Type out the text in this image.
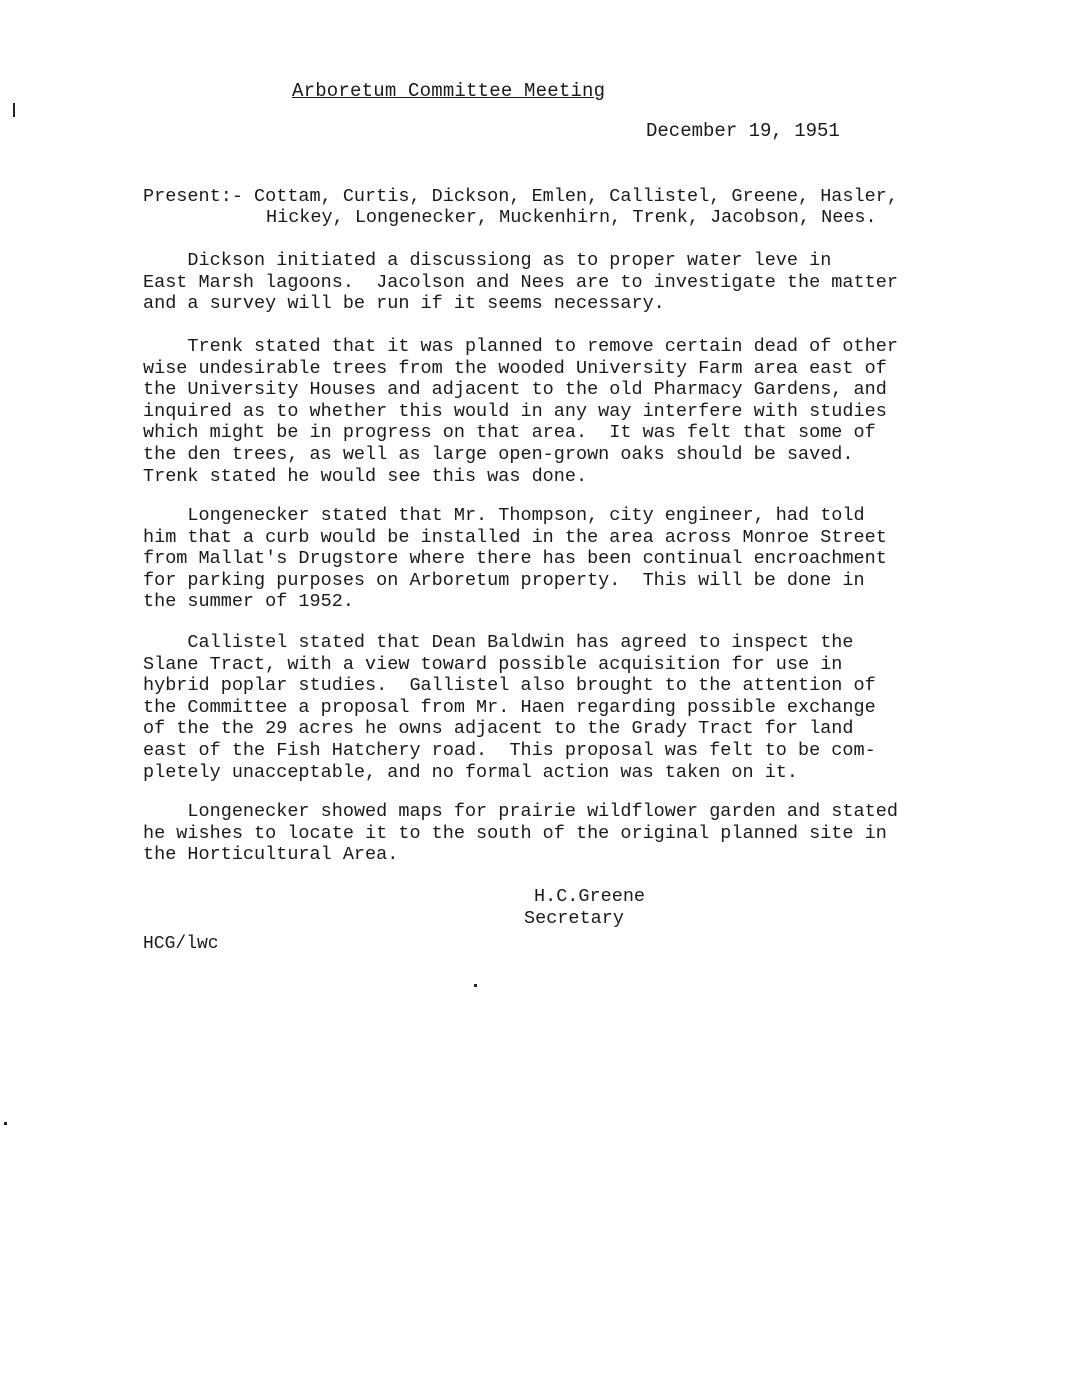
Arboretum Committee Meeting
December 19, 1951
Present:- Cottam, Curtis, Dickson, Emlen, Callistel, Greene, Hasler,
Hickey, Longenecker, Muckenhirn, Trenk, Jacobson, Nees.

Dickson initiated a discussiong as to proper water leve in
East Marsh lagoons.  Jacolson and Nees are to investigate the matter
and a survey will be run if it seems necessary.

Trenk stated that it was planned to remove certain dead of other
wise undesirable trees from the wooded University Farm area east of
the University Houses and adjacent to the old Pharmacy Gardens, and
inquired as to whether this would in any way interfere with studies
which might be in progress on that area.  It was felt that some of
the den trees, as well as large open-grown oaks should be saved.
Trenk stated he would see this was done.

Longenecker stated that Mr. Thompson, city engineer, had told
him that a curb would be installed in the area across Monroe Street
from Mallat's Drugstore where there has been continual encroachment
for parking purposes on Arboretum property.  This will be done in
the summer of 1952.

Callistel stated that Dean Baldwin has agreed to inspect the
Slane Tract, with a view toward possible acquisition for use in
hybrid poplar studies.  Gallistel also brought to the attention of
the Committee a proposal from Mr. Haen regarding possible exchange
of the the 29 acres he owns adjacent to the Grady Tract for land
east of the Fish Hatchery road.  This proposal was felt to be com-
pletely unacceptable, and no formal action was taken on it.

Longenecker showed maps for prairie wildflower garden and stated
he wishes to locate it to the south of the original planned site in
the Horticultural Area.

H.C.Greene
Secretary
HCG/lwc
